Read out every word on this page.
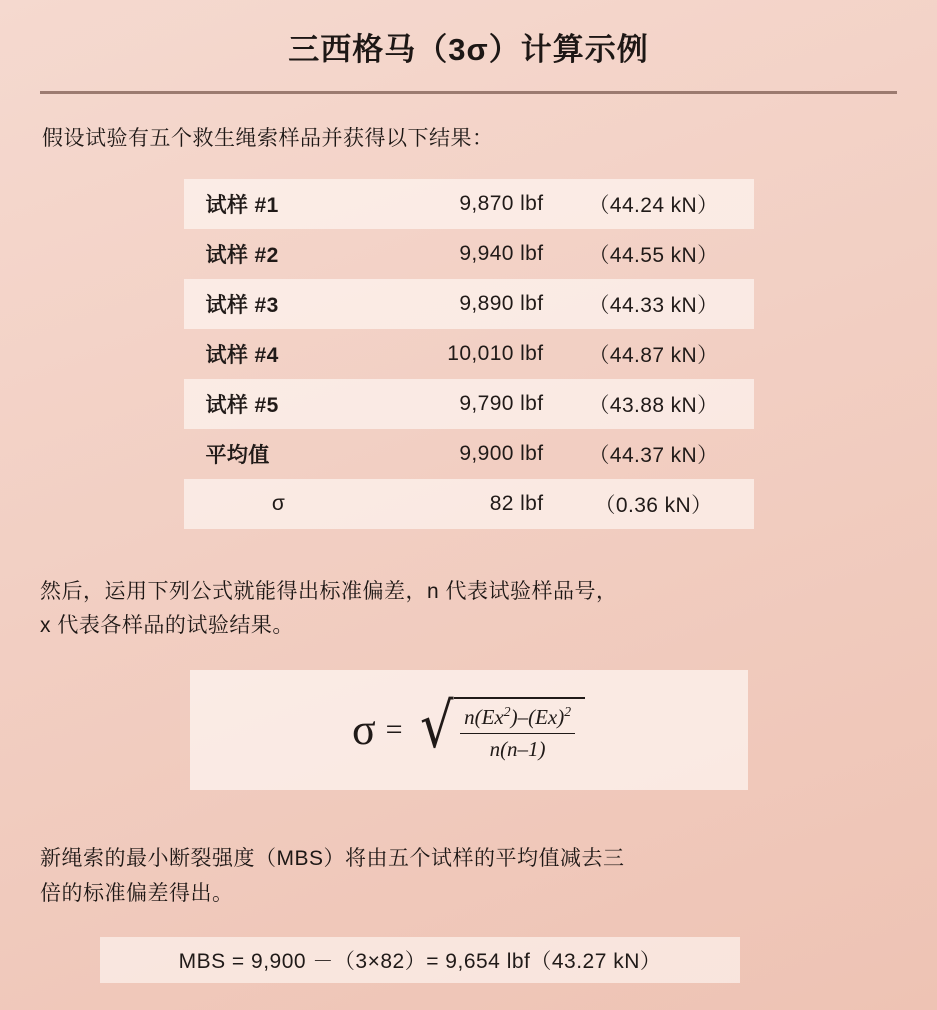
三西格马（3σ）计算示例
假设试验有五个救生绳索样品并获得以下结果：
试样 #1	9,870 lbf	（44.24 kN）
试样 #2	9,940 lbf	（44.55 kN）
试样 #3	9,890 lbf	（44.33 kN）
试样 #4	10,010 lbf	（44.87 kN）
试样 #5	9,790 lbf	（43.88 kN）
平均值	9,900 lbf	（44.37 kN）
σ	82 lbf	（0.36 kN）
然后，运用下列公式就能得出标准偏差，n 代表试验样品号，
x 代表各样品的试验结果。
σ = √ $\frac{n(Ex^2)-(Ex)^2}{n(n-1)}$
新绳索的最小断裂强度（MBS）将由五个试样的平均值减去三
倍的标准偏差得出。
MBS = 9,900 －（3×82）= 9,654 lbf（43.27 kN）
